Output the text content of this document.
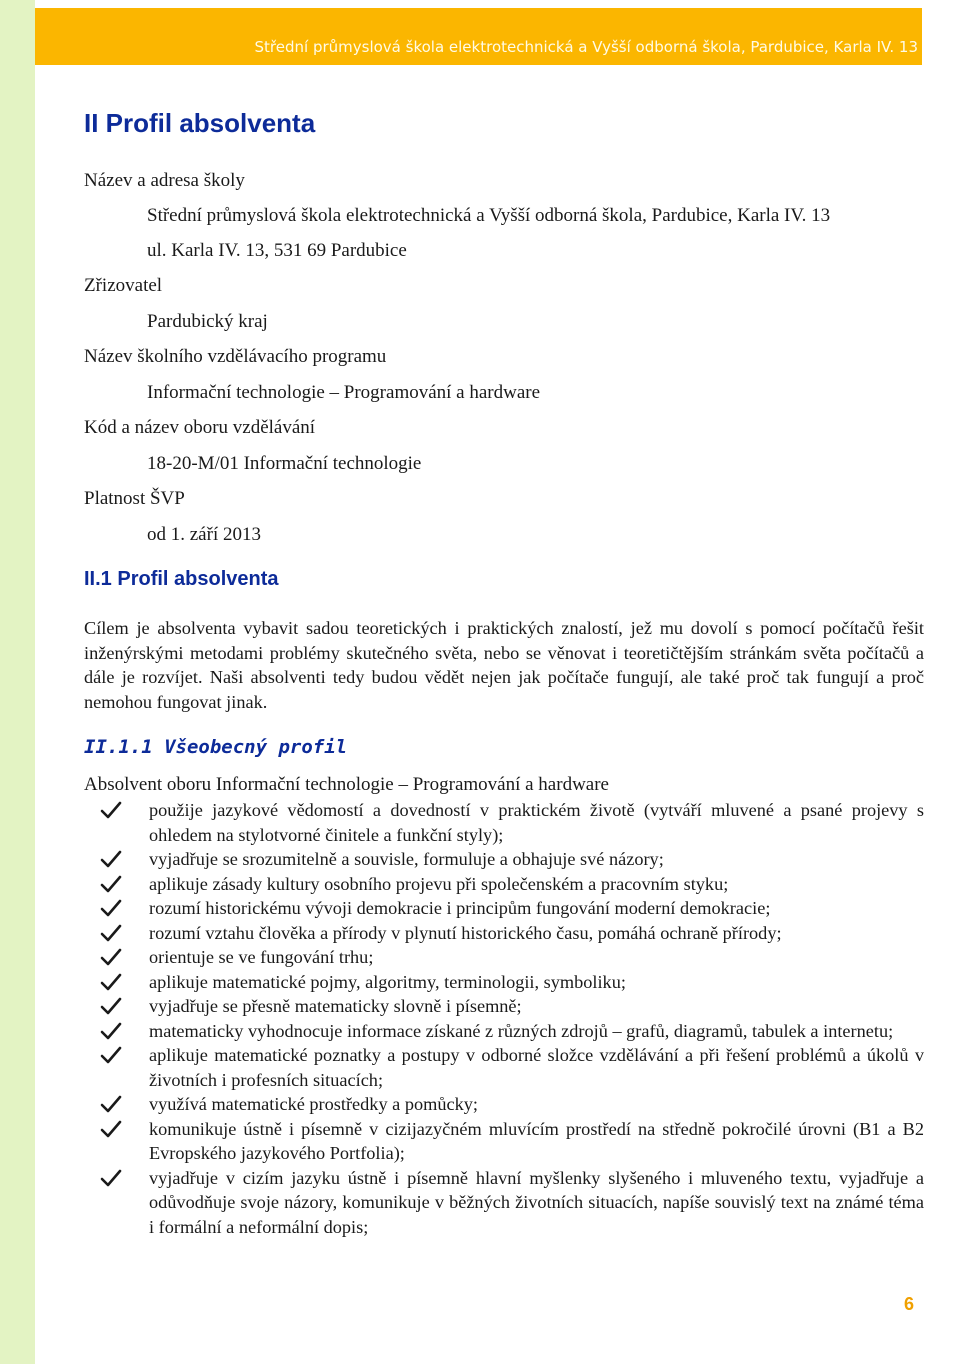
Střední průmyslová škola elektrotechnická a Vyšší odborná škola, Pardubice, Karla IV. 13
II Profil absolventa
Název a adresa školy
Střední průmyslová škola elektrotechnická a Vyšší odborná škola, Pardubice, Karla IV. 13
ul. Karla IV. 13, 531 69 Pardubice
Zřizovatel
Pardubický kraj
Název školního vzdělávacího programu
Informační technologie – Programování a hardware
Kód a název oboru vzdělávání
18-20-M/01 Informační technologie
Platnost ŠVP
od 1. září 2013
II.1 Profil absolventa

Cílem je absolventa vybavit sadou teoretických i praktických znalostí, jež mu dovolí s pomocí počítačů řešit inženýrskými metodami problémy skutečného světa, nebo se věnovat i teoretičtějším stránkám světa počítačů a dále je rozvíjet. Naši absolventi tedy budou vědět nejen jak počítače fungují, ale také proč tak fungují a proč nemohou fungovat jinak.

II.1.1 Všeobecný profil
Absolvent oboru Informační technologie – Programování a hardware
použije jazykové vědomostí a dovedností v praktickém životě (vytváří mluvené a psané projevy s ohledem na stylotvorné činitele a funkční styly);
vyjadřuje se srozumitelně a souvisle, formuluje a obhajuje své názory;
aplikuje zásady kultury osobního projevu při společenském a pracovním styku;
rozumí historickému vývoji demokracie i principům fungování moderní demokracie;
rozumí vztahu člověka a přírody v plynutí historického času, pomáhá ochraně přírody;
orientuje se ve fungování trhu;
aplikuje matematické pojmy, algoritmy, terminologii, symboliku;
vyjadřuje se přesně matematicky slovně i písemně;
matematicky vyhodnocuje informace získané z různých zdrojů – grafů, diagramů, tabulek a internetu;
aplikuje matematické poznatky a postupy v odborné složce vzdělávání a při řešení problémů a úkolů v životních i profesních situacích;
využívá matematické prostředky a pomůcky;
komunikuje ústně i písemně v cizijazyčném mluvícím prostředí na středně pokročilé úrovni (B1 a B2 Evropského jazykového Portfolia);
vyjadřuje v cizím jazyku ústně i písemně hlavní myšlenky slyšeného i mluveného textu, vyjadřuje a odůvodňuje svoje názory, komunikuje v běžných životních situacích, napíše souvislý text na známé téma i formální a neformální dopis;
6
